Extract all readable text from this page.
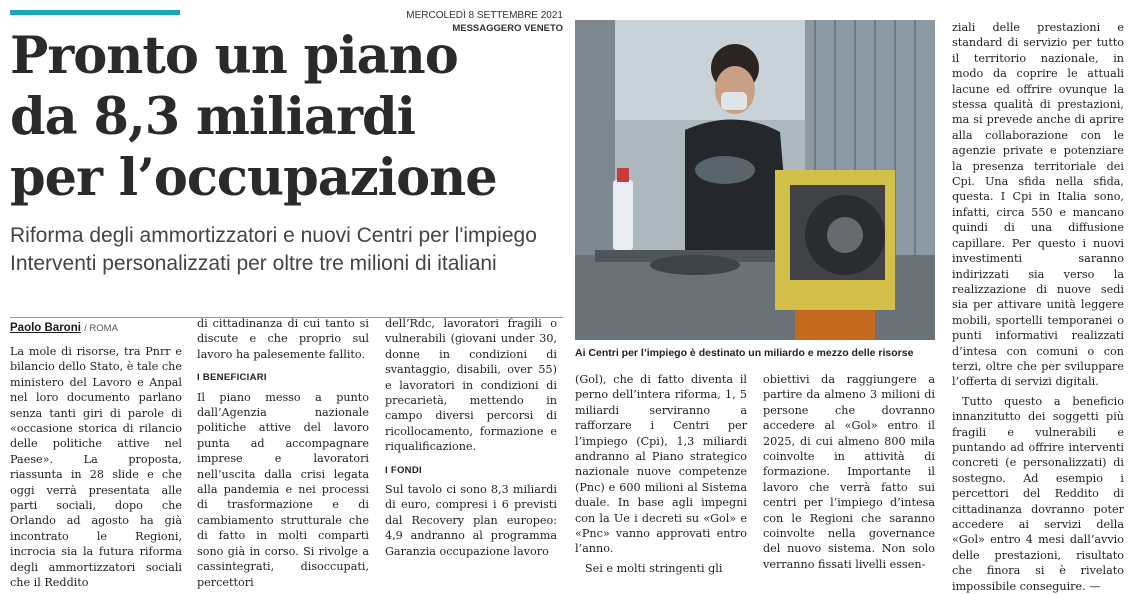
MERCOLEDÌ 8 SETTEMBRE 2021
MESSAGGERO VENETO
Pronto un piano
da 8,3 miliardi
per l’occupazione
Riforma degli ammortizzatori e nuovi Centri per l'impiego
Interventi personalizzati per oltre tre milioni di italiani
Paolo Baroni / ROMA

La mole di risorse, tra Pnrr e bilancio dello Stato, è tale che ministero del Lavoro e Anpal nel loro documento parlano senza tanti giri di parole di «occasione storica di rilancio delle politiche attive nel Paese». La proposta, riassunta in 28 slide e che oggi verrà presentata alle parti sociali, dopo che Orlando ad agosto ha già incontrato le Regioni, incrocia sia la futura riforma degli ammortizzatori sociali che il Reddito

di cittadinanza di cui tanto si discute e che proprio sul lavoro ha palesemente fallito.

I BENEFICIARI

Il piano messo a punto dall’Agenzia nazionale politiche attive del lavoro punta ad accompagnare imprese e lavoratori nell’uscita dalla crisi legata alla pandemia e nei processi di trasformazione e di cambiamento strutturale che di fatto in molti comparti sono già in corso. Si rivolge a cassintegrati, disoccupati, percettori

dell’Rdc, lavoratori fragili o vulnerabili (giovani under 30, donne in condizioni di svantaggio, disabili, over 55) e lavoratori in condizioni di precarietà, mettendo in campo diversi percorsi di ricollocamento, formazione e riqualificazione.

I FONDI

Sul tavolo ci sono 8,3 miliardi di euro, compresi i 6 previsti dal Recovery plan europeo: 4,9 andranno al programma Garanzia occupazione lavoro

Ai Centri per l’impiego è destinato un miliardo e mezzo delle risorse

(Gol), che di fatto diventa il perno dell’intera riforma, 1, 5 miliardi serviranno a rafforzare i Centri per l’impiego (Cpi), 1,3 miliardi andranno al Piano strategico nazionale nuove competenze (Pnc) e 600 milioni al Sistema duale. In base agli impegni con la Ue i decreti su «Gol» e «Pnc» vanno approvati entro l’anno.

Sei e molti stringenti gli

obiettivi da raggiungere a partire da almeno 3 milioni di persone che dovranno accedere al «Gol» entro il 2025, di cui almeno 800 mila coinvolte in attività di formazione. Importante il lavoro che verrà fatto sui centri per l’impiego d’intesa con le Regioni che saranno coinvolte nella governance del nuovo sistema. Non solo verranno fissati livelli essen-

ziali delle prestazioni e standard di servizio per tutto il territorio nazionale, in modo da coprire le attuali lacune ed offrire ovunque la stessa qualità di prestazioni, ma si prevede anche di aprire alla collaborazione con le agenzie private e potenziare la presenza territoriale dei Cpi. Una sfida nella sfida, questa. I Cpi in Italia sono, infatti, circa 550 e mancano quindi di una diffusione capillare. Per questo i nuovi investimenti saranno indirizzati sia verso la realizzazione di nuove sedi sia per attivare unità leggere mobili, sportelli temporanei o punti informativi realizzati d’intesa con comuni o con terzi, oltre che per sviluppare l’offerta di servizi digitali.

Tutto questo a beneficio innanzitutto dei soggetti più fragili e vulnerabili e puntando ad offrire interventi concreti (e personalizzati) di sostegno. Ad esempio i percettori del Reddito di cittadinanza dovranno poter accedere ai servizi della «Gol» entro 4 mesi dall’avvio delle prestazioni, risultato che finora si è rivelato impossibile conseguire. —
